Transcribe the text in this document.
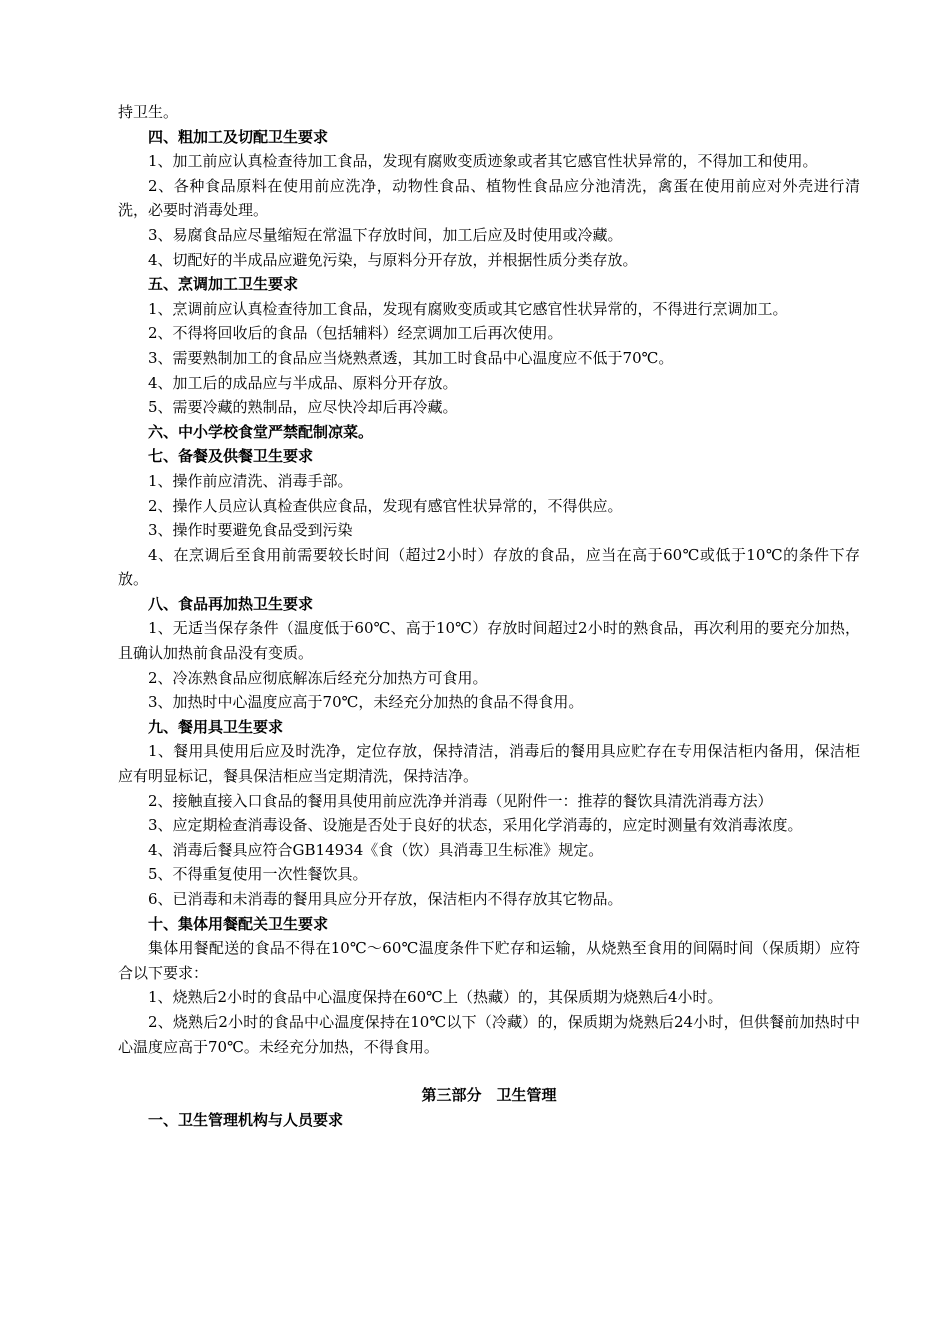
持卫生。

四、粗加工及切配卫生要求

1、加工前应认真检查待加工食品，发现有腐败变质迹象或者其它感官性状异常的，不得加工和使用。

2、各种食品原料在使用前应洗净，动物性食品、植物性食品应分池清洗，禽蛋在使用前应对外壳进行清洗，必要时消毒处理。

3、易腐食品应尽量缩短在常温下存放时间，加工后应及时使用或冷藏。

4、切配好的半成品应避免污染，与原料分开存放，并根据性质分类存放。

五、烹调加工卫生要求

1、烹调前应认真检查待加工食品，发现有腐败变质或其它感官性状异常的，不得进行烹调加工。

2、不得将回收后的食品（包括辅料）经烹调加工后再次使用。

3、需要熟制加工的食品应当烧熟煮透，其加工时食品中心温度应不低于70℃。

4、加工后的成品应与半成品、原料分开存放。

5、需要冷藏的熟制品，应尽快冷却后再冷藏。

六、中小学校食堂严禁配制凉菜。

七、备餐及供餐卫生要求

1、操作前应清洗、消毒手部。

2、操作人员应认真检查供应食品，发现有感官性状异常的，不得供应。

3、操作时要避免食品受到污染

4、在烹调后至食用前需要较长时间（超过2小时）存放的食品，应当在高于60℃或低于10℃的条件下存放。

八、食品再加热卫生要求

1、无适当保存条件（温度低于60℃、高于10℃）存放时间超过2小时的熟食品，再次利用的要充分加热，且确认加热前食品没有变质。

2、冷冻熟食品应彻底解冻后经充分加热方可食用。

3、加热时中心温度应高于70℃，未经充分加热的食品不得食用。

九、餐用具卫生要求

1、餐用具使用后应及时洗净，定位存放，保持清洁，消毒后的餐用具应贮存在专用保洁柜内备用，保洁柜应有明显标记，餐具保洁柜应当定期清洗，保持洁净。

2、接触直接入口食品的餐用具使用前应洗净并消毒（见附件一：推荐的餐饮具清洗消毒方法）

3、应定期检查消毒设备、设施是否处于良好的状态，采用化学消毒的，应定时测量有效消毒浓度。

4、消毒后餐具应符合GB14934《食（饮）具消毒卫生标准》规定。

5、不得重复使用一次性餐饮具。

6、已消毒和未消毒的餐用具应分开存放，保洁柜内不得存放其它物品。

十、集体用餐配关卫生要求

集体用餐配送的食品不得在10℃～60℃温度条件下贮存和运输，从烧熟至食用的间隔时间（保质期）应符合以下要求：

1、烧熟后2小时的食品中心温度保持在60℃上（热藏）的，其保质期为烧熟后4小时。

2、烧熟后2小时的食品中心温度保持在10℃以下（冷藏）的，保质期为烧熟后24小时，但供餐前加热时中心温度应高于70℃。未经充分加热，不得食用。

第三部分　卫生管理

一、卫生管理机构与人员要求
